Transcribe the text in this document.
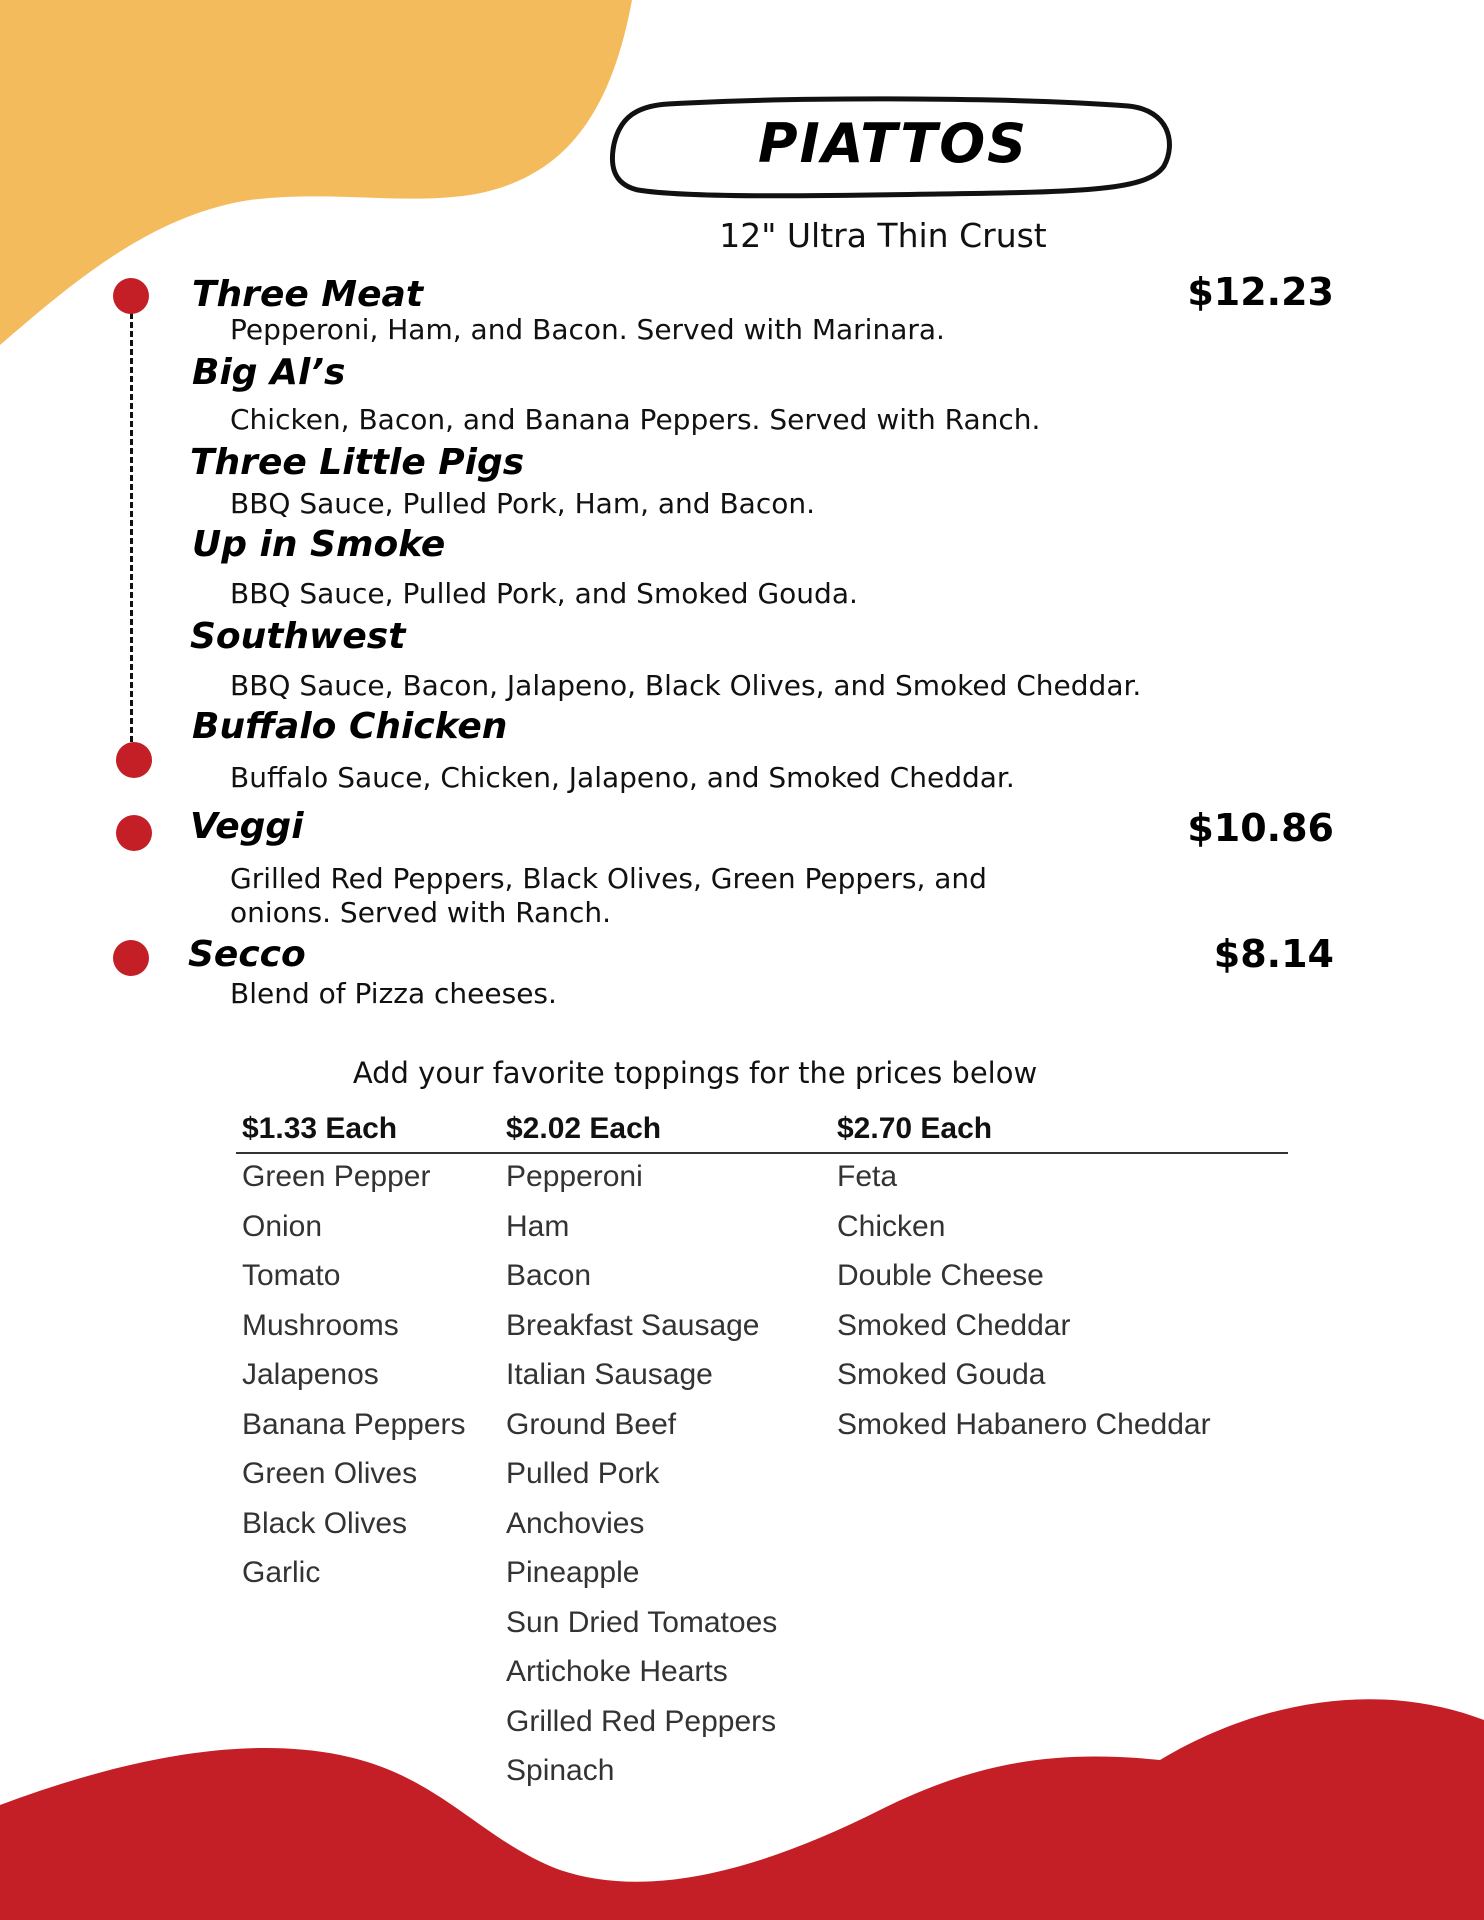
PIATTOS
12" Ultra Thin Crust
Three Meat
Pepperoni, Ham, and Bacon. Served with Marinara.
$12.23
Big Al’s
Chicken, Bacon, and Banana Peppers. Served with Ranch.
Three Little Pigs
BBQ Sauce, Pulled Pork, Ham, and Bacon.
Up in Smoke
BBQ Sauce, Pulled Pork, and Smoked Gouda.
Southwest
BBQ Sauce, Bacon, Jalapeno, Black Olives, and Smoked Cheddar.
Buffalo Chicken
Buffalo Sauce, Chicken, Jalapeno, and Smoked Cheddar.
Veggi
Grilled Red Peppers, Black Olives, Green Peppers, and
onions. Served with Ranch.
$10.86
Secco
Blend of Pizza cheeses.
$8.14
Add your favorite toppings for the prices below
$1.33 Each
Green Pepper
Onion
Tomato
Mushrooms
Jalapenos
Banana Peppers
Green Olives
Black Olives
Garlic
$2.02 Each
Pepperoni
Ham
Bacon
Breakfast Sausage
Italian Sausage
Ground Beef
Pulled Pork
Anchovies
Pineapple
Sun Dried Tomatoes
Artichoke Hearts
Grilled Red Peppers
Spinach
$2.70 Each
Feta
Chicken
Double Cheese
Smoked Cheddar
Smoked Gouda
Smoked Habanero Cheddar
